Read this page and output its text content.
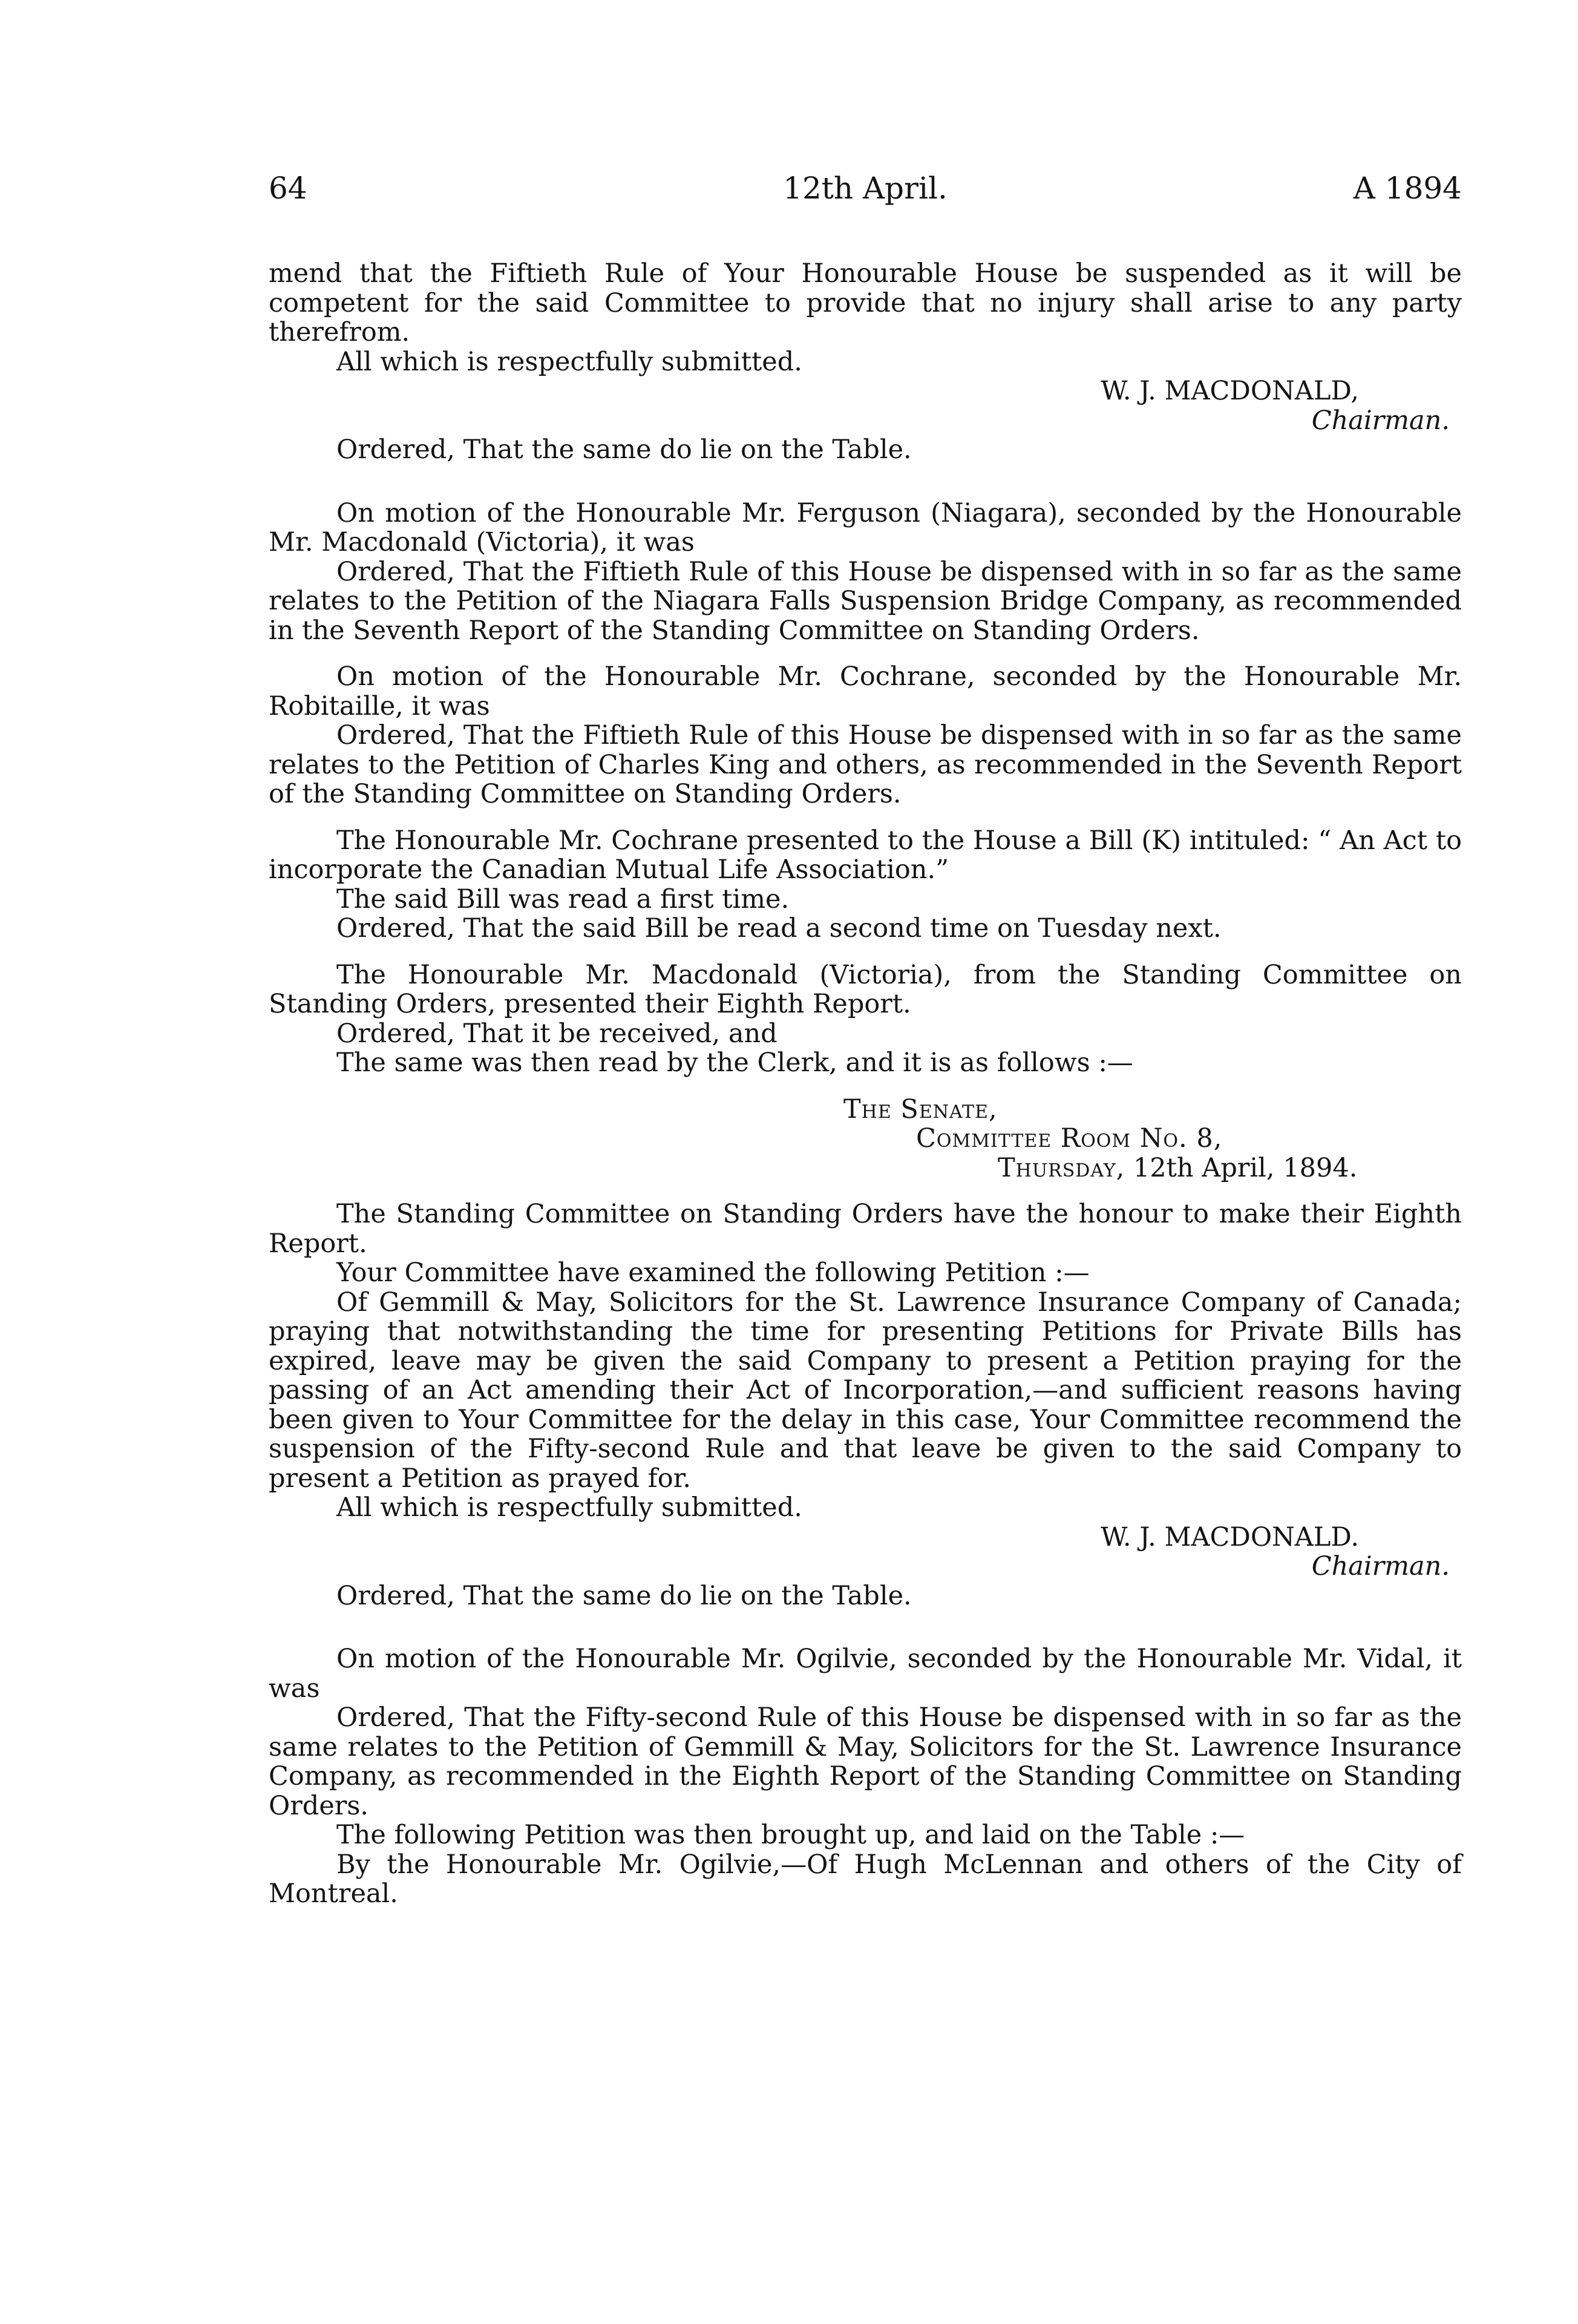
64	12th April.	A 1894

mend that the Fiftieth Rule of Your Honourable House be suspended as it will be competent for the said Committee to provide that no injury shall arise to any party therefrom.

All which is respectfully submitted.

W. J. MACDONALD,
Chairman.

Ordered, That the same do lie on the Table.

On motion of the Honourable Mr. Ferguson (Niagara), seconded by the Honourable Mr. Macdonald (Victoria), it was

Ordered, That the Fiftieth Rule of this House be dispensed with in so far as the same relates to the Petition of the Niagara Falls Suspension Bridge Company, as recommended in the Seventh Report of the Standing Committee on Standing Orders.

On motion of the Honourable Mr. Cochrane, seconded by the Honourable Mr. Robitaille, it was

Ordered, That the Fiftieth Rule of this House be dispensed with in so far as the same relates to the Petition of Charles King and others, as recommended in the Seventh Report of the Standing Committee on Standing Orders.

The Honourable Mr. Cochrane presented to the House a Bill (K) intituled: “ An Act to incorporate the Canadian Mutual Life Association.”

The said Bill was read a first time.

Ordered, That the said Bill be read a second time on Tuesday next.

The Honourable Mr. Macdonald (Victoria), from the Standing Committee on Standing Orders, presented their Eighth Report.

Ordered, That it be received, and

The same was then read by the Clerk, and it is as follows :—

The Senate,
Committee Room No. 8,
Thursday, 12th April, 1894.

The Standing Committee on Standing Orders have the honour to make their Eighth Report.

Your Committee have examined the following Petition :—

Of Gemmill & May, Solicitors for the St. Lawrence Insurance Company of Canada; praying that notwithstanding the time for presenting Petitions for Private Bills has expired, leave may be given the said Company to present a Petition praying for the passing of an Act amending their Act of Incorporation,—and sufficient reasons having been given to Your Committee for the delay in this case, Your Committee recommend the suspension of the Fifty-second Rule and that leave be given to the said Company to present a Petition as prayed for.

All which is respectfully submitted.

W. J. MACDONALD.
Chairman.

Ordered, That the same do lie on the Table.

On motion of the Honourable Mr. Ogilvie, seconded by the Honourable Mr. Vidal, it was

Ordered, That the Fifty-second Rule of this House be dispensed with in so far as the same relates to the Petition of Gemmill & May, Solicitors for the St. Lawrence Insurance Company, as recommended in the Eighth Report of the Standing Committee on Standing Orders.

The following Petition was then brought up, and laid on the Table :—

By the Honourable Mr. Ogilvie,—Of Hugh McLennan and others of the City of Montreal.
